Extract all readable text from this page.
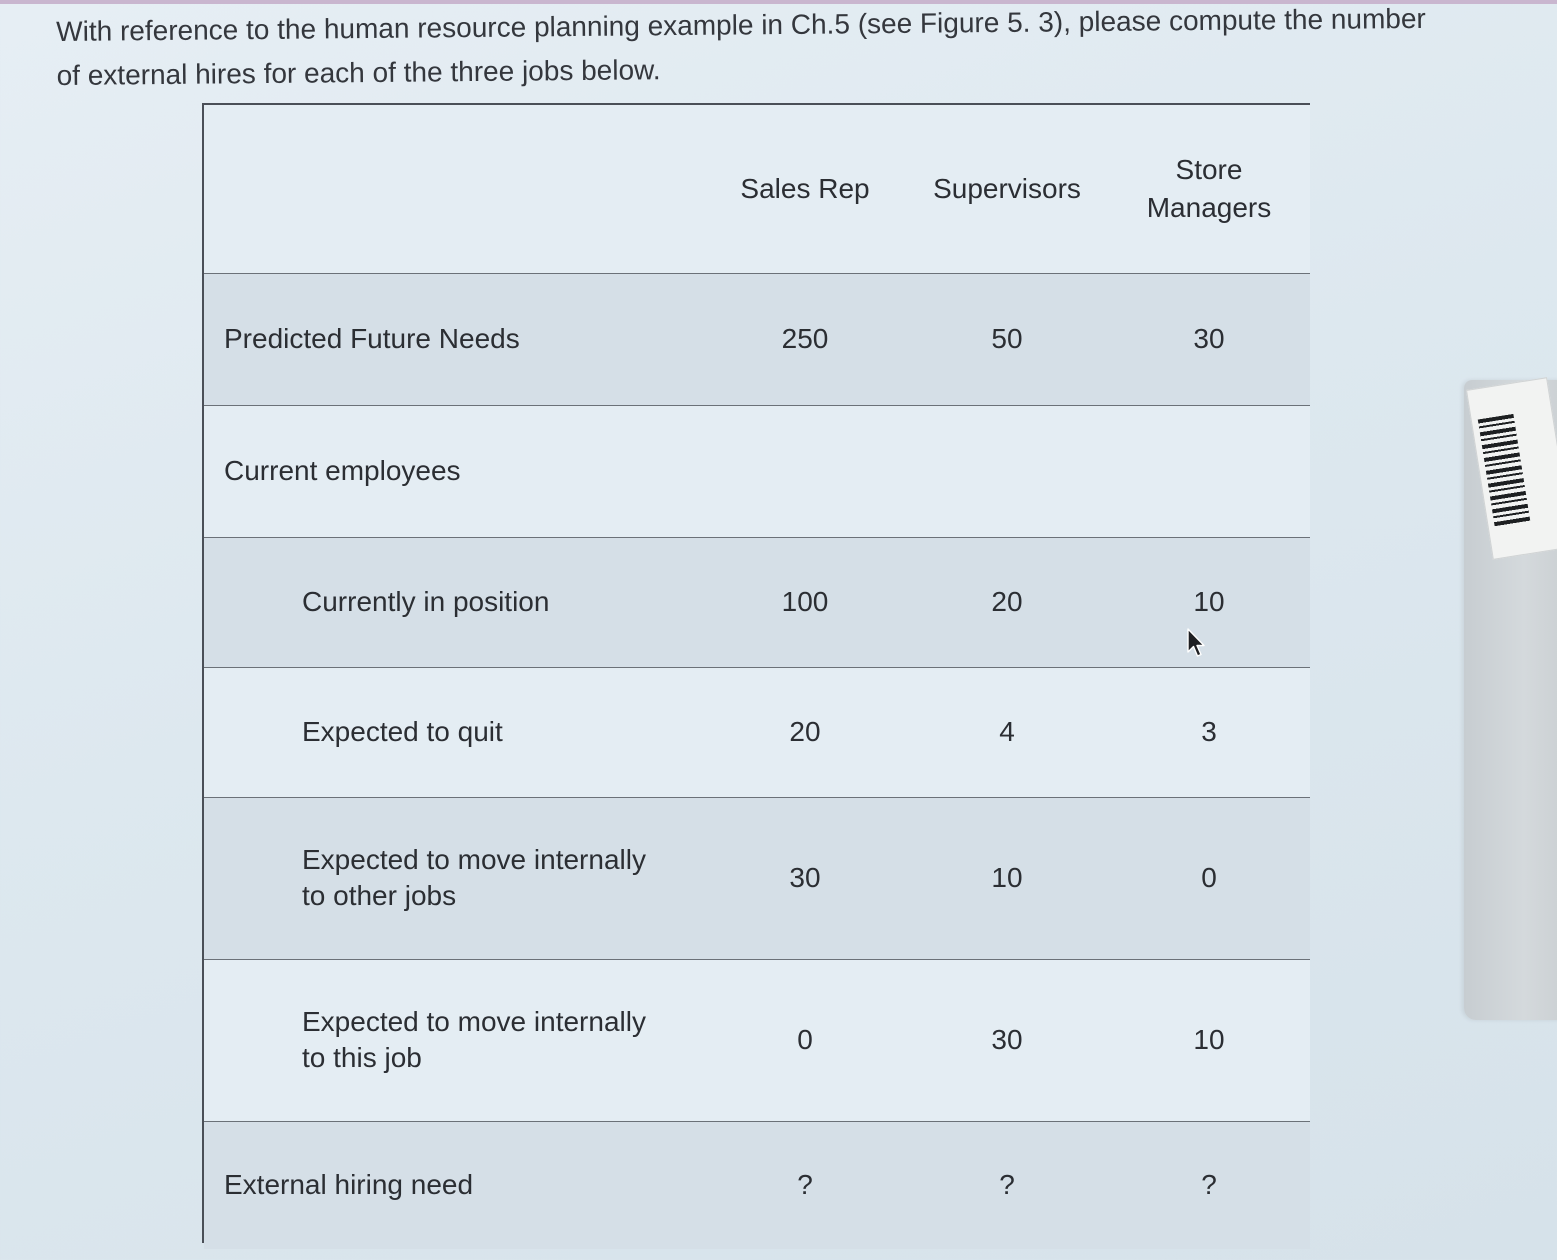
With reference to the human resource planning example in Ch.5 (see Figure 5. 3), please compute the number

of external hires for each of the three jobs below.

	Sales Rep	Supervisors	Store
Managers
Predicted Future Needs	250	50	30
Current employees			
Currently in position	100	20	10
Expected to quit	20	4	3
Expected to move internally
to other jobs	30	10	0
Expected to move internally
to this job	0	30	10
External hiring need	?	?	?
